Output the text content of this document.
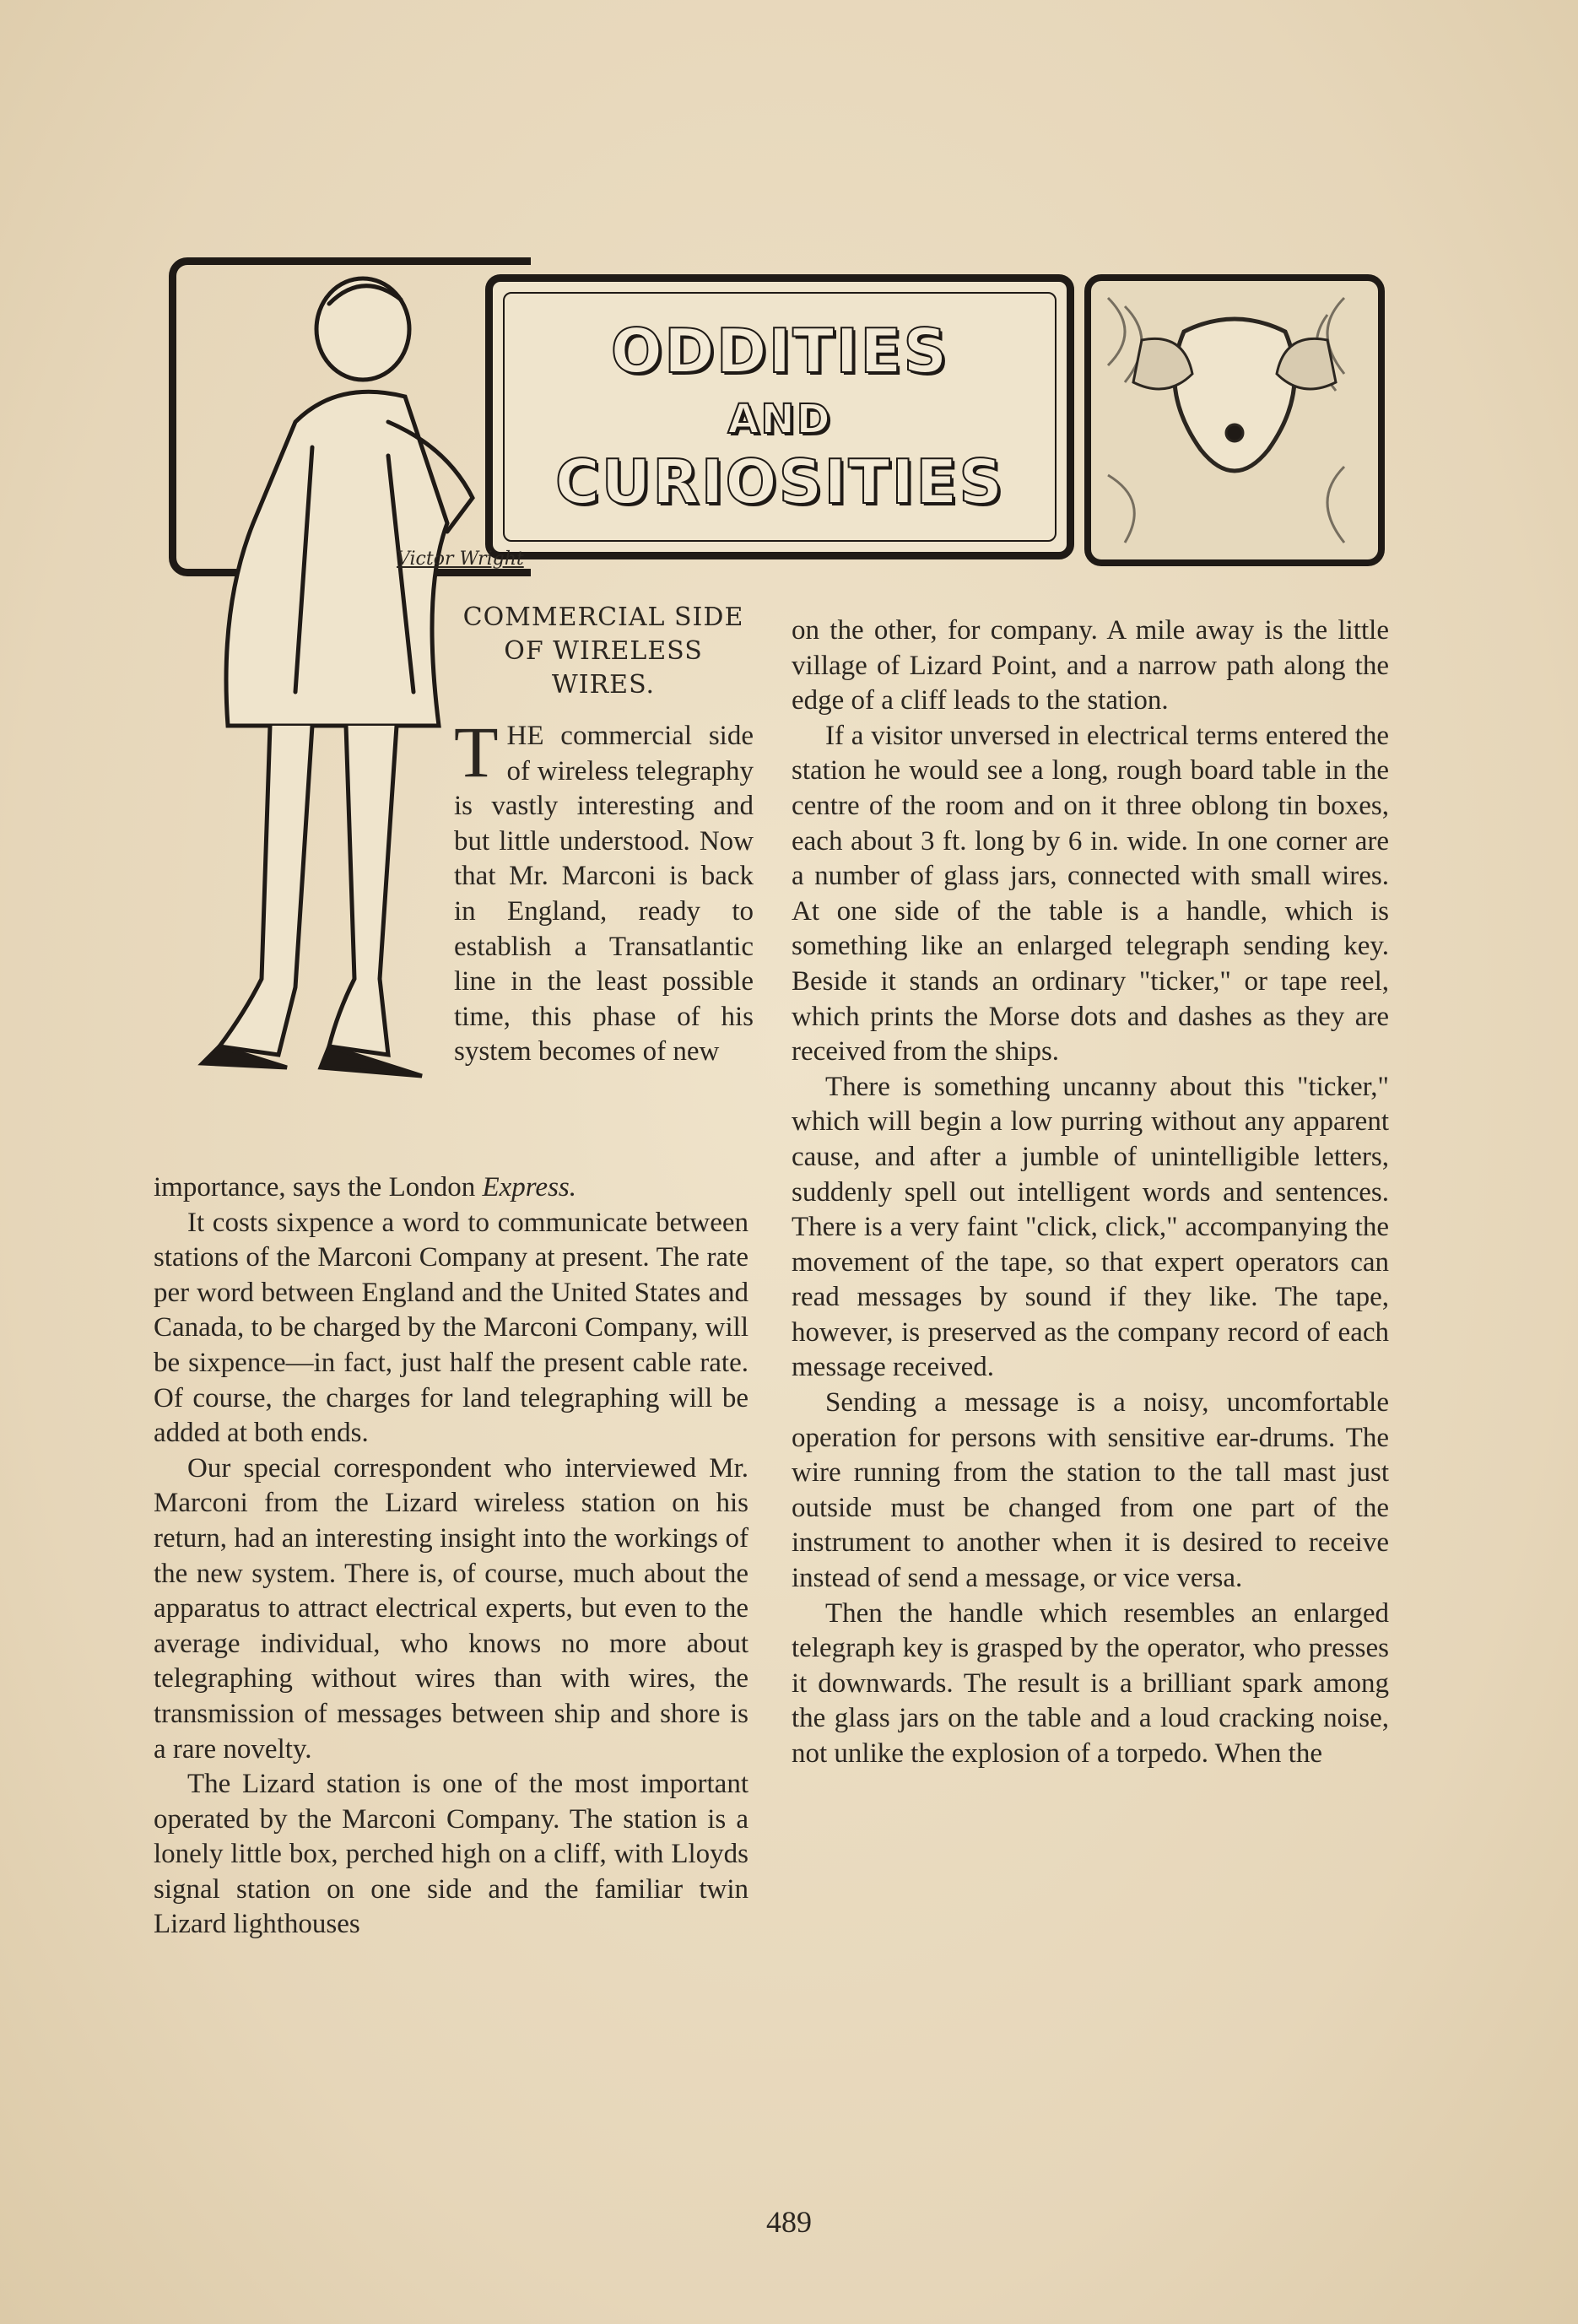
ODDITIES
AND
CURIOSITIES
Victor Wright
COMMERCIAL SIDE OF WIRELESS WIRES.
THE commercial side of wireless telegraphy is vastly interesting and but little understood. Now that Mr. Marconi is back in England, ready to establish a Transatlantic line in the least possible time, this phase of his system becomes of new

importance, says the London Express.

It costs sixpence a word to communicate between stations of the Marconi Company at present. The rate per word between England and the United States and Canada, to be charged by the Marconi Company, will be sixpence—in fact, just half the present cable rate. Of course, the charges for land telegraphing will be added at both ends.

Our special correspondent who interviewed Mr. Marconi from the Lizard wireless station on his return, had an interesting insight into the workings of the new system. There is, of course, much about the apparatus to attract electrical experts, but even to the average individual, who knows no more about telegraphing without wires than with wires, the transmission of messages between ship and shore is a rare novelty.

The Lizard station is one of the most important operated by the Marconi Company. The station is a lonely little box, perched high on a cliff, with Lloyds signal station on one side and the familiar twin Lizard lighthouses

on the other, for company. A mile away is the little village of Lizard Point, and a narrow path along the edge of a cliff leads to the station.

If a visitor unversed in electrical terms entered the station he would see a long, rough board table in the centre of the room and on it three oblong tin boxes, each about 3 ft. long by 6 in. wide. In one corner are a number of glass jars, connected with small wires. At one side of the table is a handle, which is something like an enlarged telegraph sending key. Beside it stands an ordinary "ticker," or tape reel, which prints the Morse dots and dashes as they are received from the ships.

There is something uncanny about this "ticker," which will begin a low purring without any apparent cause, and after a jumble of unintelligible letters, suddenly spell out intelligent words and sentences. There is a very faint "click, click," accompanying the movement of the tape, so that expert operators can read messages by sound if they like. The tape, however, is preserved as the company record of each message received.

Sending a message is a noisy, uncomfortable operation for persons with sensitive ear-drums. The wire running from the station to the tall mast just outside must be changed from one part of the instrument to another when it is desired to receive instead of send a message, or vice versa.

Then the handle which resembles an enlarged telegraph key is grasped by the operator, who presses it downwards. The result is a brilliant spark among the glass jars on the table and a loud cracking noise, not unlike the explosion of a torpedo. When the

489
